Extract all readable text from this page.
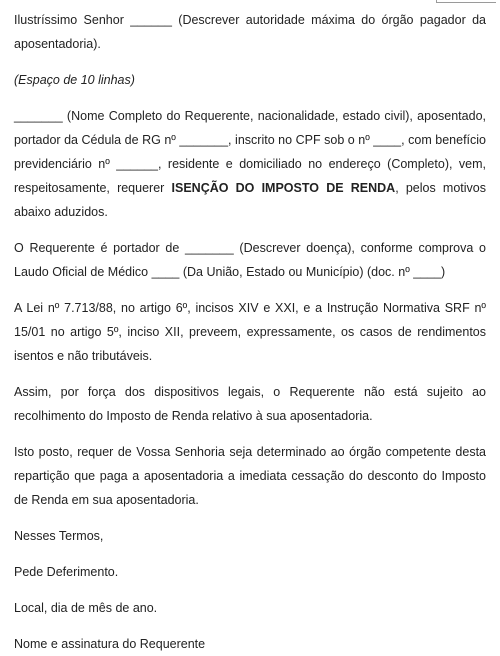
Ilustríssimo Senhor ______ (Descrever autoridade máxima do órgão pagador da aposentadoria).

(Espaço de 10 linhas)

_______ (Nome Completo do Requerente, nacionalidade, estado civil), aposentado, portador da Cédula de RG nº _______, inscrito no CPF sob o nº ____, com benefício previdenciário nº ______, residente e domiciliado no endereço (Completo), vem, respeitosamente, requerer ISENÇÃO DO IMPOSTO DE RENDA, pelos motivos abaixo aduzidos.

O Requerente é portador de _______ (Descrever doença), conforme comprova o Laudo Oficial de Médico ____ (Da União, Estado ou Município) (doc. nº ____)

A Lei nº 7.713/88, no artigo 6º, incisos XIV e XXI, e a Instrução Normativa SRF nº 15/01 no artigo 5º, inciso XII, preveem, expressamente, os casos de rendimentos isentos e não tributáveis.

Assim, por força dos dispositivos legais, o Requerente não está sujeito ao recolhimento do Imposto de Renda relativo à sua aposentadoria.

Isto posto, requer de Vossa Senhoria seja determinado ao órgão competente desta repartição que paga a aposentadoria a imediata cessação do desconto do Imposto de Renda em sua aposentadoria.

Nesses Termos,

Pede Deferimento.

Local, dia de mês de ano.

Nome e assinatura do Requerente
